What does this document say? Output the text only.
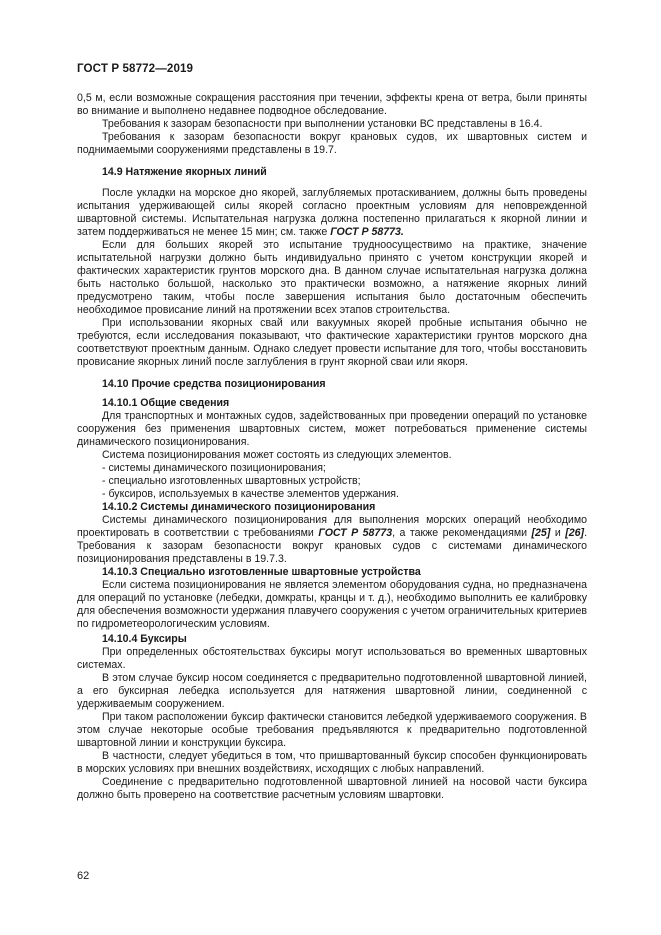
ГОСТ Р 58772—2019

0,5 м, если возможные сокращения расстояния при течении, эффекты крена от ветра, были приняты во внимание и выполнено недавнее подводное обследование.

Требования к зазорам безопасности при выполнении установки ВС представлены в 16.4.

Требования к зазорам безопасности вокруг крановых судов, их швартовных систем и поднимаемыми сооружениями представлены в 19.7.

14.9 Натяжение якорных линий

После укладки на морское дно якорей, заглубляемых протаскиванием, должны быть проведены испытания удерживающей силы якорей согласно проектным условиям для неповрежденной швартовной системы. Испытательная нагрузка должна постепенно прилагаться к якорной линии и затем поддерживаться не менее 15 мин; см. также ГОСТ Р 58773.

Если для больших якорей это испытание труднoосуществимо на практике, значение испытательной нагрузки должно быть индивидуально принято с учетом конструкции якорей и фактических характеристик грунтов морского дна. В данном случае испытательная нагрузка должна быть настолько большой, насколько это практически возможно, а натяжение якорных линий предусмотрено таким, чтобы после завершения испытания было достаточным обеспечить необходимое провисание линий на протяжении всех этапов строительства.

При использовании якорных свай или вакуумных якорей пробные испытания обычно не требуются, если исследования показывают, что фактические характеристики грунтов морского дна соответствуют проектным данным. Однако следует провести испытание для того, чтобы восстановить провисание якорных линий после заглубления в грунт якорной сваи или якоря.

14.10 Прочие средства позиционирования
14.10.1 Общие сведения

Для транспортных и монтажных судов, задействованных при проведении операций по установке сооружения без применения швартовных систем, может потребоваться применение системы динамического позиционирования.

Система позиционирования может состоять из следующих элементов.

- системы динамического позиционирования;

- специально изготовленных швартовных устройств;

- буксиров, используемых в качестве элементов удержания.

14.10.2 Системы динамического позиционирования

Системы динамического позиционирования для выполнения морских операций необходимо проектировать в соответствии с требованиями ГОСТ Р 58773, а также рекомендациями [25] и [26]. Требования к зазорам безопасности вокруг крановых судов с системами динамического позиционирования представлены в 19.7.3.

14.10.3 Специально изготовленные швартовные устройства

Если система позиционирования не является элементом оборудования судна, но предназначена для операций по установке (лебедки, домкраты, кранцы и т. д.), необходимо выполнить ее калибровку для обеспечения возможности удержания плавучего сооружения с учетом ограничительных критериев по гидрометеорологическим условиям.

14.10.4 Буксиры

При определенных обстоятельствах буксиры могут использоваться во временных швартовных системах.

В этом случае буксир носом соединяется с предварительно подготовленной швартовной линией, а его буксирная лебедка используется для натяжения швартовной линии, соединенной с удерживаемым сооружением.

При таком расположении буксир фактически становится лебедкой удерживаемого сооружения. В этом случае некоторые особые требования предъявляются к предварительно подготовленной швартовной линии и конструкции буксира.

В частности, следует убедиться в том, что пришвартованный буксир способен функционировать в морских условиях при внешних воздействиях, исходящих с любых направлений.

Соединение с предварительно подготовленной швартовной линией на носовой части буксира должно быть проверено на соответствие расчетным условиям швартовки.

62
